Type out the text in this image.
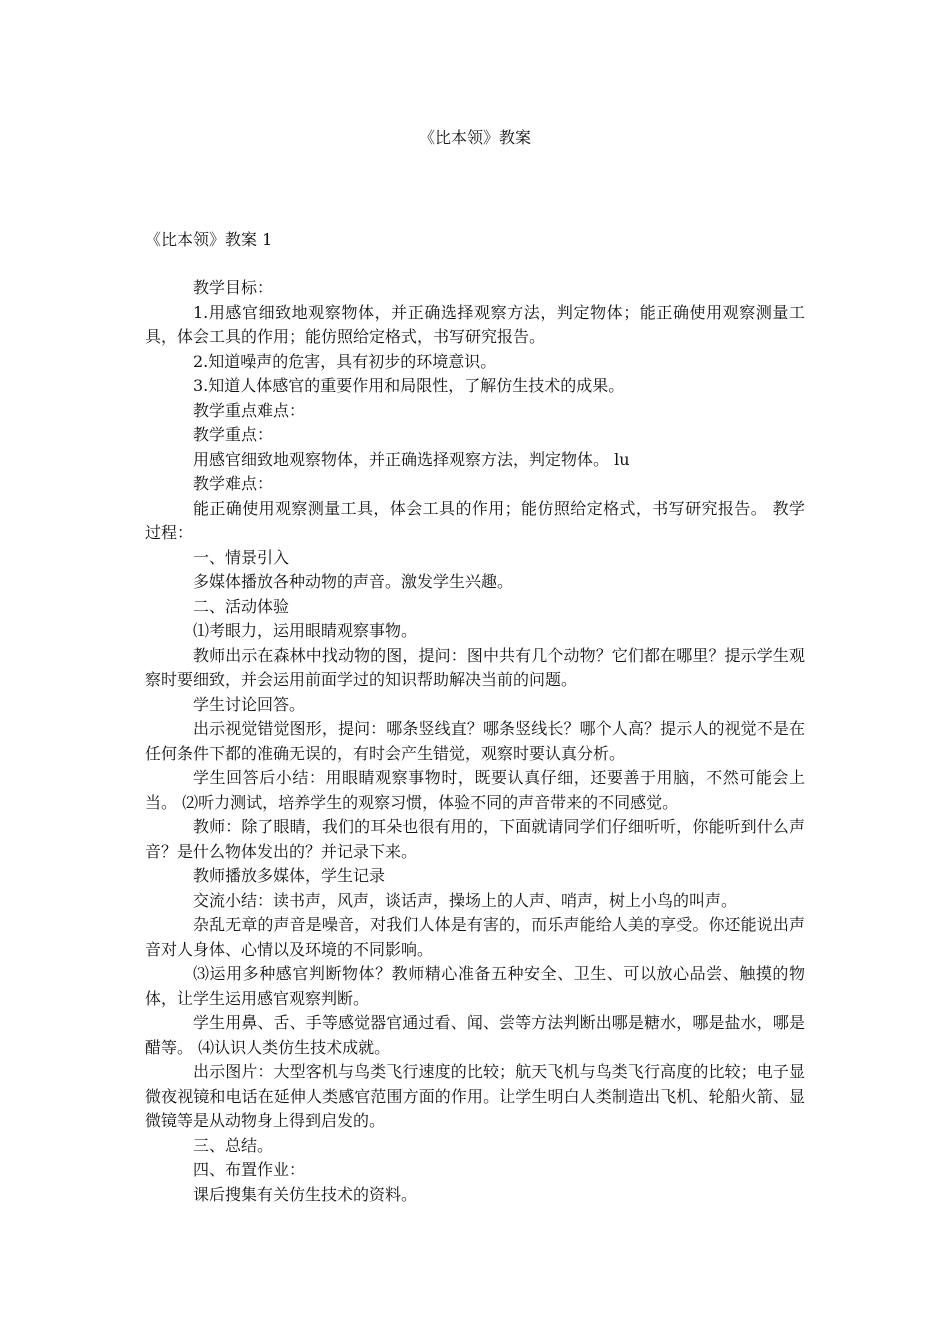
《比本领》教案
《比本领》教案 1

教学目标：

1.用感官细致地观察物体，并正确选择观察方法，判定物体；能正确使用观察测量工具，体会工具的作用；能仿照给定格式，书写研究报告。

2.知道噪声的危害，具有初步的环境意识。

3.知道人体感官的重要作用和局限性，了解仿生技术的成果。

教学重点难点：

教学重点：

用感官细致地观察物体，并正确选择观察方法，判定物体。 lu

教学难点：

能正确使用观察测量工具，体会工具的作用；能仿照给定格式，书写研究报告。 教学过程：

一、情景引入

多媒体播放各种动物的声音。激发学生兴趣。

二、活动体验

⑴考眼力，运用眼睛观察事物。

教师出示在森林中找动物的图，提问：图中共有几个动物？它们都在哪里？提示学生观察时要细致，并会运用前面学过的知识帮助解决当前的问题。

学生讨论回答。

出示视觉错觉图形，提问：哪条竖线直？哪条竖线长？哪个人高？提示人的视觉不是在任何条件下都的准确无误的，有时会产生错觉，观察时要认真分析。

学生回答后小结：用眼睛观察事物时，既要认真仔细，还要善于用脑，不然可能会上当。 ⑵听力测试，培养学生的观察习惯，体验不同的声音带来的不同感觉。

教师：除了眼睛，我们的耳朵也很有用的，下面就请同学们仔细听听，你能听到什么声音？是什么物体发出的？并记录下来。

教师播放多媒体，学生记录

交流小结：读书声，风声，谈话声，操场上的人声、哨声，树上小鸟的叫声。

杂乱无章的声音是噪音，对我们人体是有害的，而乐声能给人美的享受。你还能说出声音对人身体、心情以及环境的不同影响。

⑶运用多种感官判断物体？教师精心准备五种安全、卫生、可以放心品尝、触摸的物体，让学生运用感官观察判断。

学生用鼻、舌、手等感觉器官通过看、闻、尝等方法判断出哪是糖水，哪是盐水，哪是醋等。 ⑷认识人类仿生技术成就。

出示图片：大型客机与鸟类飞行速度的比较；航天飞机与鸟类飞行高度的比较；电子显微夜视镜和电话在延伸人类感官范围方面的作用。让学生明白人类制造出飞机、轮船火箭、显微镜等是从动物身上得到启发的。

三、总结。

四、布置作业：

课后搜集有关仿生技术的资料。
